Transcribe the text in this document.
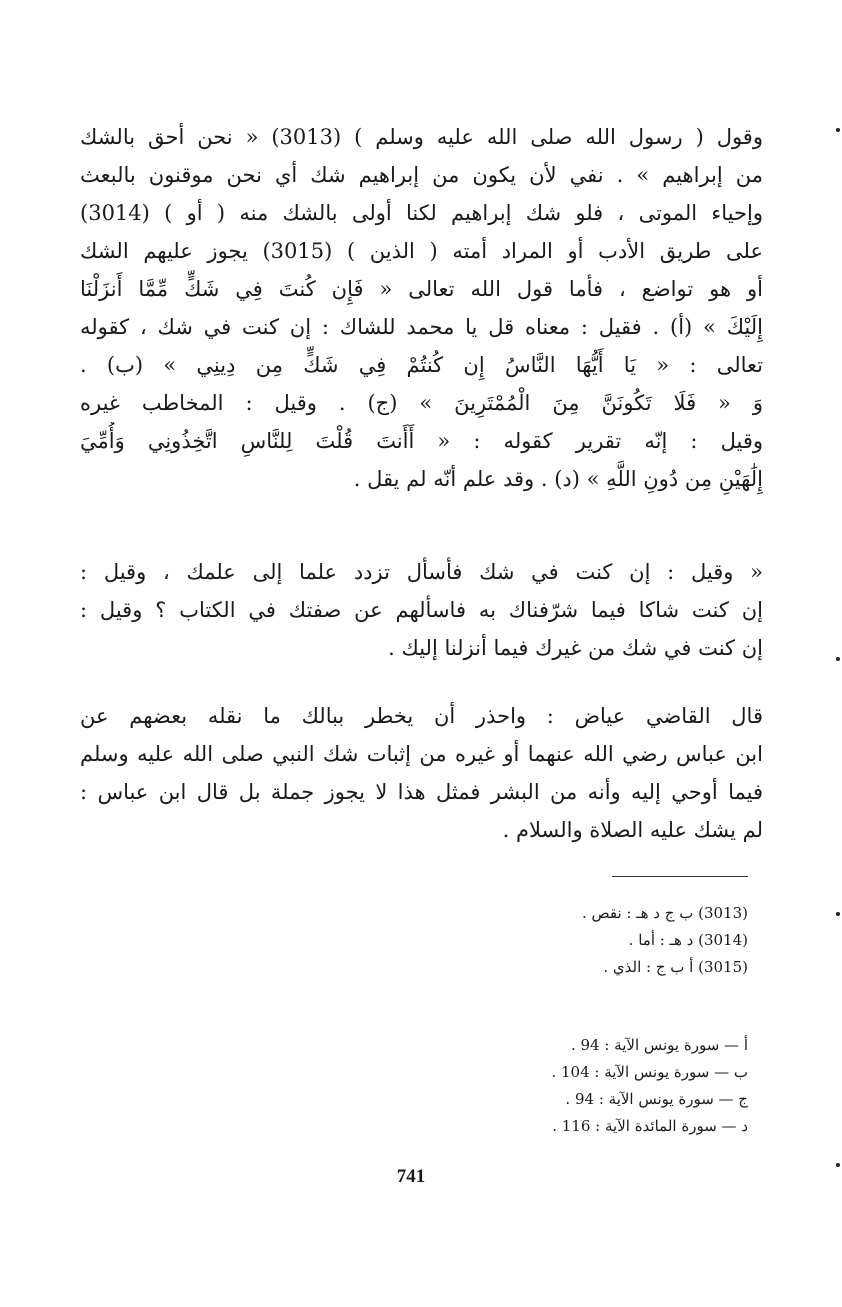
وقول ( رسول الله صلى الله عليه وسلم ) (3013) « نحن أحق بالشك
من إبراهيم » . نفي لأن يكون من إبراهيم شك أي نحن موقنون بالبعث
وإحياء الموتى ، فلو شك إبراهيم لكنا أولى بالشك منه ( أو ) (3014)
على طريق الأدب أو المراد أمته ( الذين ) (3015) يجوز عليهم الشك
أو هو تواضع ، فأما قول الله تعالى « فَإِن كُنتَ فِي شَكٍّ مِّمَّا أَنزَلْنَا
إِلَيْكَ » (أ) . فقيل : معناه قل يا محمد للشاك : إن كنت في شك ، كقوله
تعالى : « يَا أَيُّهَا النَّاسُ إِن كُنتُمْ فِي شَكٍّ مِن دِينِي » (ب) .
وَ « فَلَا تَكُونَنَّ مِنَ الْمُمْتَرِينَ » (ج) . وقيل : المخاطب غيره
وقيل : إنّه تقرير كقوله : « أَأَنتَ قُلْتَ لِلنَّاسِ اتَّخِذُونِي وَأُمِّيَ
إِلَٰهَيْنِ مِن دُونِ اللَّهِ » (د) . وقد علم أنّه لم يقل .
« وقيل : إن كنت في شك فأسأل تزدد علما إلى علمك ، وقيل :
إن كنت شاكا فيما شرّفناك به فاسألهم عن صفتك في الكتاب ؟ وقيل :
إن كنت في شك من غيرك فيما أنزلنا إليك .
قال القاضي عياض : واحذر أن يخطر ببالك ما نقله بعضهم عن
ابن عباس رضي الله عنهما أو غيره من إثبات شك النبي صلى الله عليه وسلم
فيما أوحي إليه وأنه من البشر فمثل هذا لا يجوز جملة بل قال ابن عباس :
لم يشك عليه الصلاة والسلام .
(3013) ب ج د هـ : نقص .
(3014) د هـ : أما .
(3015) أ ب ج : الذي .
أ — سورة يونس الآية : 94 .
ب — سورة يونس الآية : 104 .
ج — سورة يونس الآية : 94 .
د — سورة المائدة الآية : 116 .
741
